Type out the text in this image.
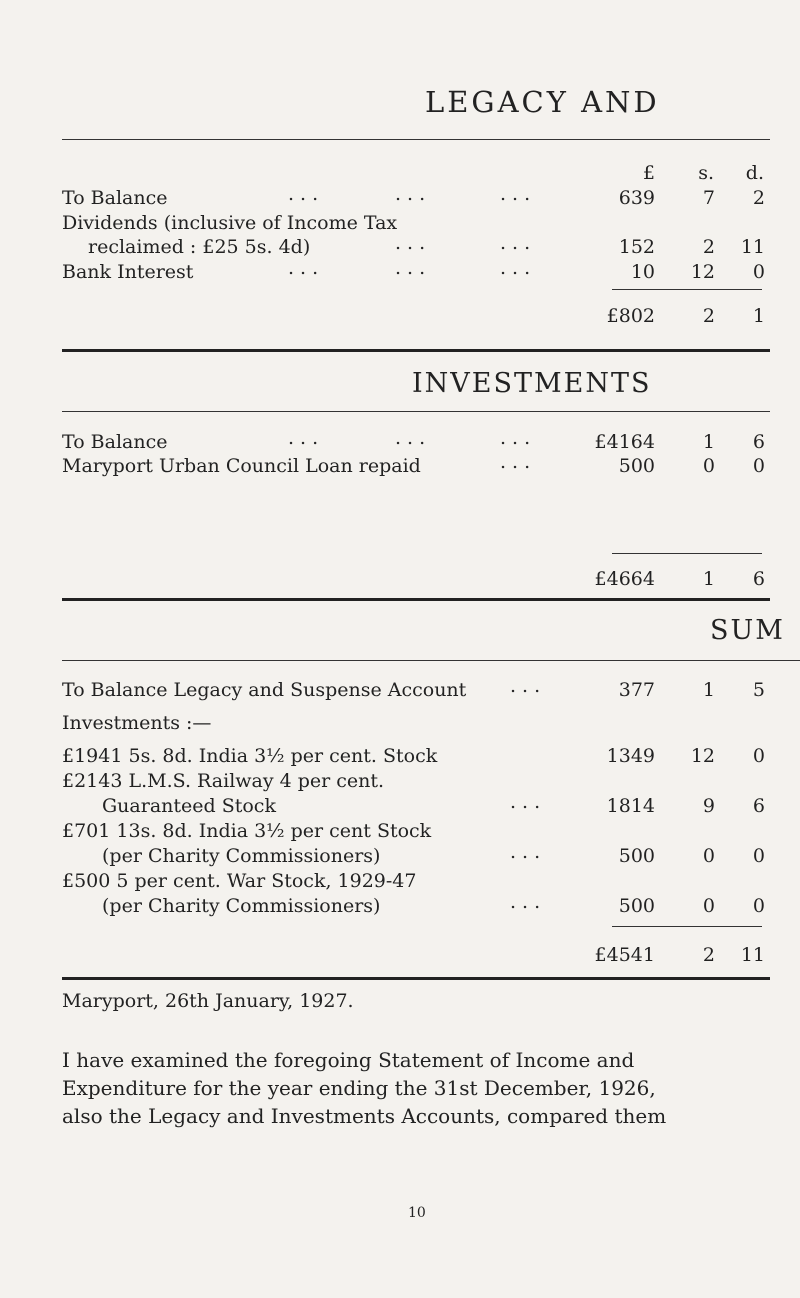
LEGACY AND
£	s.	d.
To Balance	...	...	...	639	7	2
Dividends (inclusive of Income Tax
reclaimed : £25 5s. 4d)	...	...	152	2	11
Bank Interest	...	...	...	10	12	0
£802	2	1
INVESTMENTS
To Balance	...	...	...	£4164	1	6
Maryport Urban Council Loan repaid	...	500	0	0
£4664	1	6
SUM
To Balance Legacy and Suspense Account ...	377	1	5
Investments :—
£1941 5s. 8d. India 3½ per cent. Stock	1349	12	0
£2143 L.M.S. Railway 4 per cent.
Guaranteed Stock	...	1814	9	6
£701 13s. 8d. India 3½ per cent Stock
(per Charity Commissioners)	...	500	0	0
£500 5 per cent. War Stock, 1929-47
(per Charity Commissioners)	...	500	0	0
£4541	2	11
Maryport, 26th January, 1927.
I have examined the foregoing Statement of Income and
Expenditure for the year ending the 31st December, 1926,
also the Legacy and Investments Accounts, compared them
10
